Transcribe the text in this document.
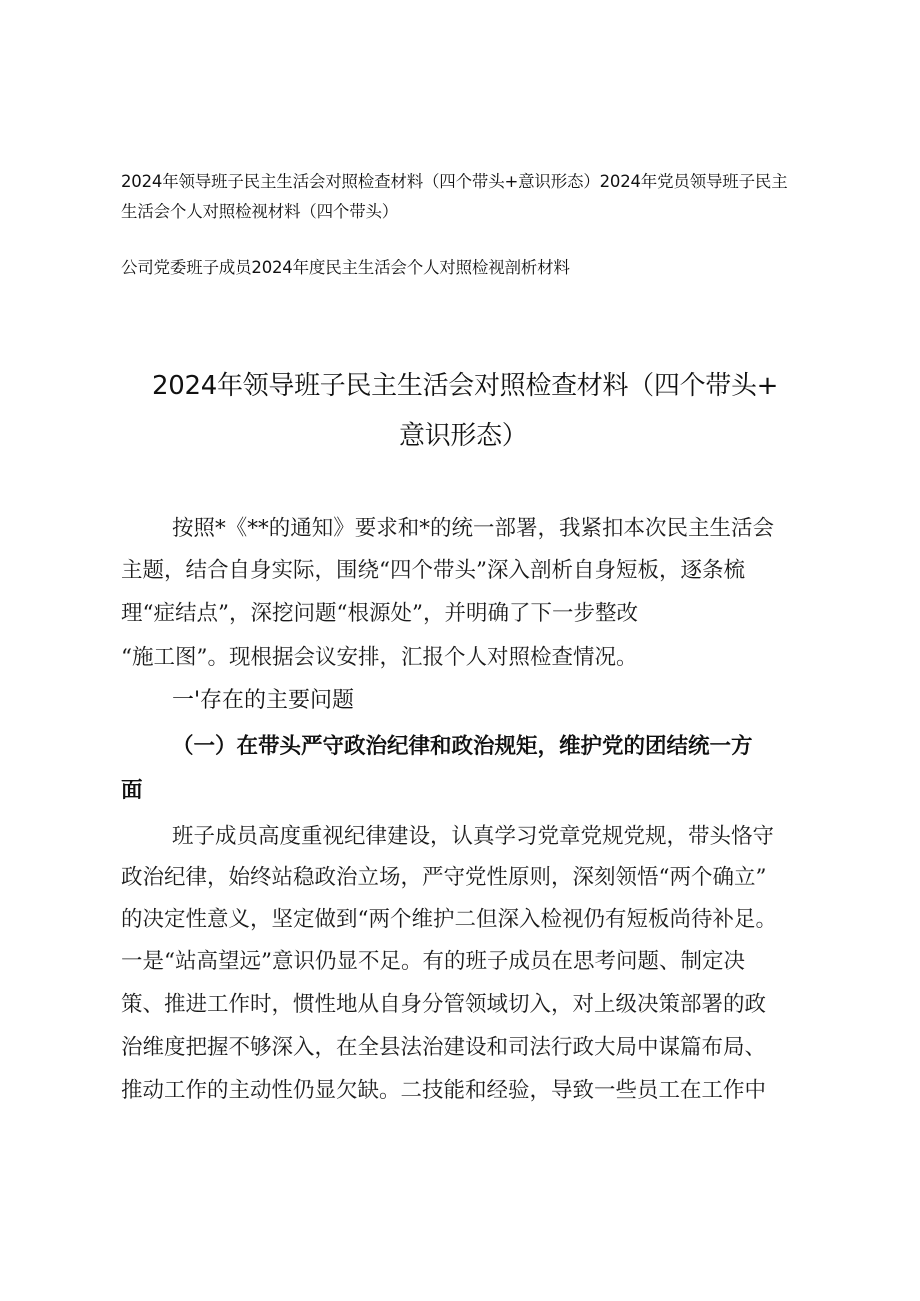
2024年领导班子民主生活会对照检查材料（四个带头+意识形态）2024年党员领导班子民主
生活会个人对照检视材料（四个带头）
公司党委班子成员2024年度民主生活会个人对照检视剖析材料
2024年领导班子民主生活会对照检查材料（四个带头+
意识形态）
按照*《**的通知》要求和*的统一部署，我紧扣本次民主生活会
主题，结合自身实际，围绕“四个带头”深入剖析自身短板，逐条梳
理“症结点”，深挖问题“根源处”，并明确了下一步整改
“施工图”。现根据会议安排，汇报个人对照检查情况。
一'存在的主要问题
（一）在带头严守政治纪律和政治规矩，维护党的团结统一方
面
班子成员高度重视纪律建设，认真学习党章党规党规，带头恪守
政治纪律，始终站稳政治立场，严守党性原则，深刻领悟“两个确立”
的决定性意义，坚定做到“两个维护二但深入检视仍有短板尚待补足。
一是“站高望远”意识仍显不足。有的班子成员在思考问题、制定决
策、推进工作时，惯性地从自身分管领域切入，对上级决策部署的政
治维度把握不够深入，在全县法治建设和司法行政大局中谋篇布局、
推动工作的主动性仍显欠缺。二技能和经验，导致一些员工在工作中
